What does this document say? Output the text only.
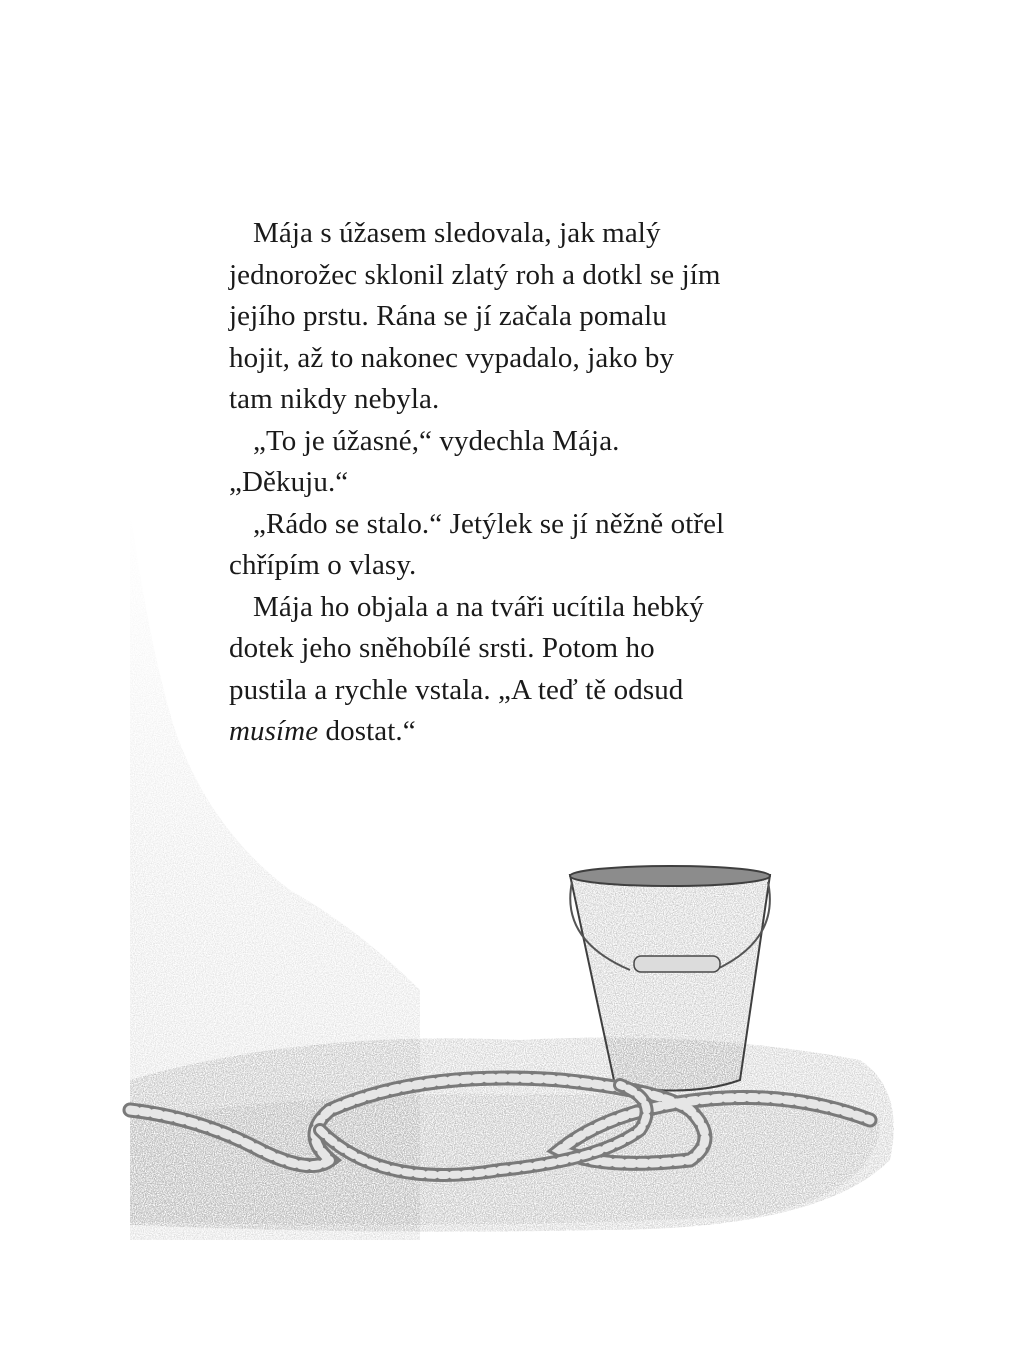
Mája s úžasem sledovala, jak malý
jednorožec sklonil zlatý roh a dotkl se jím
jejího prstu. Rána se jí začala pomalu
hojit, až to nakonec vypadalo, jako by
tam nikdy nebyla.
„To je úžasné,“ vydechla Mája.
„Děkuju.“
„Rádo se stalo.“ Jetýlek se jí něžně otřel
chřípím o vlasy.
Mája ho objala a na tváři ucítila hebký
dotek jeho sněhobílé srsti. Potom ho
pustila a rychle vstala. „A teď tě odsud
musíme dostat.“
